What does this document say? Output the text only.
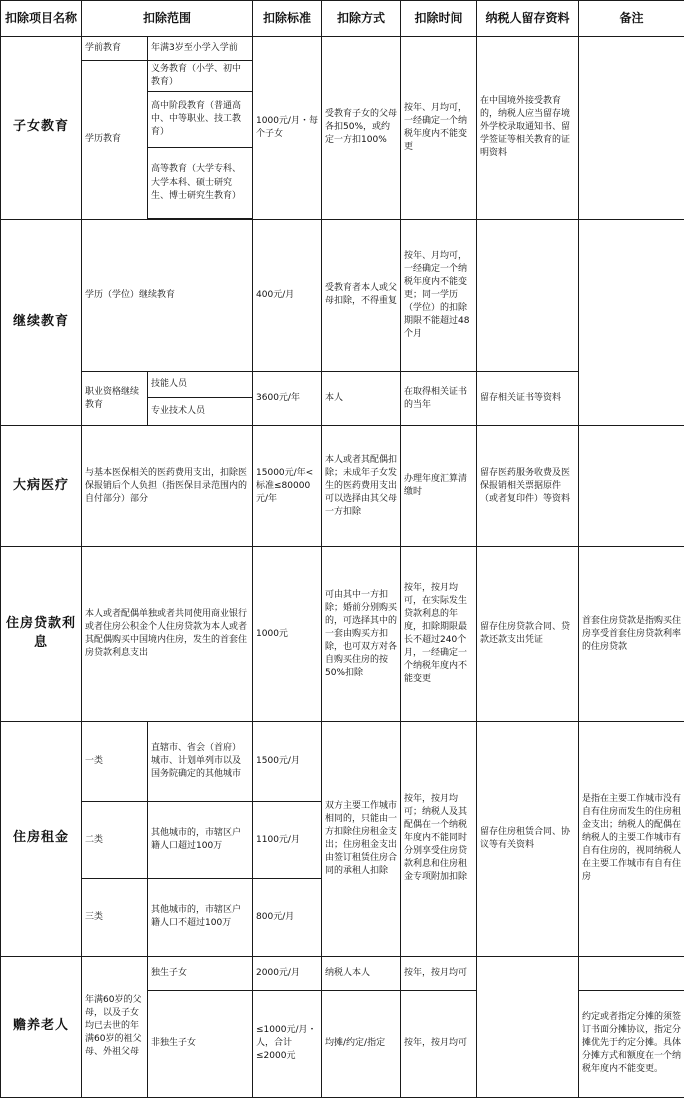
扣除项目名称	扣除范围		扣除标准	扣除方式	扣除时间	纳税人留存资料	备注
子女教育	学前教育	年满3岁至小学入学前	1000元/月・每个子女	受教育子女的父母各扣50%，或约定一方扣100%	按年、月均可，一经确定一个纳税年度内不能变更	在中国境外接受教育的，纳税人应当留存境外学校录取通知书、留学签证等相关教育的证明资料	
	学历教育	义务教育（小学、初中教育）					
		高中阶段教育（普通高中、中等职业、技工教育）					
		高等教育（大学专科、大学本科、硕士研究生、博士研究生教育）					

继续教育	学历（学位）继续教育		400元/月	受教育者本人或父母扣除，不得重复	按年、月均可，一经确定一个纳税年度内不能变更；同一学历（学位）的扣除期限不能超过48个月		
	职业资格继续教育	技能人员	3600元/年	本人	在取得相关证书的当年	留存相关证书等资料	
		专业技术人员					
大病医疗	与基本医保相关的医药费用支出，扣除医保报销后个人负担（指医保目录范围内的自付部分）部分		15000元/年<标准≤80000元/年	本人或者其配偶扣除；未成年子女发生的医药费用支出可以选择由其父母一方扣除	办理年度汇算清缴时	留存医药服务收费及医保报销相关票据原件（或者复印件）等资料	
住房贷款利息	本人或者配偶单独或者共同使用商业银行或者住房公积金个人住房贷款为本人或者其配偶购买中国境内住房，发生的首套住房贷款利息支出		1000元	可由其中一方扣除；婚前分别购买的，可选择其中的一套由购买方扣除，也可双方对各自购买住房的按50%扣除	按年，按月均可，在实际发生贷款利息的年度，扣除期限最长不超过240个月，一经确定一个纳税年度内不能变更	留存住房贷款合同、贷款还款支出凭证	首套住房贷款是指购买住房享受首套住房贷款利率的住房贷款
住房租金	一类	直辖市、省会（首府）城市、计划单列市以及国务院确定的其他城市	1500元/月	双方主要工作城市相同的，只能由一方扣除住房租金支出；住房租金支出由签订租赁住房合同的承租人扣除	按年，按月均可；纳税人及其配偶在一个纳税年度内不能同时分别享受住房贷款利息和住房租金专项附加扣除	留存住房租赁合同、协议等有关资料	是指在主要工作城市没有自有住房而发生的住房租金支出；纳税人的配偶在纳税人的主要工作城市有自有住房的，视同纳税人在主要工作城市有自有住房
	二类	其他城市的，市辖区户籍人口超过100万	1100元/月				
	三类	其他城市的，市辖区户籍人口不超过100万	800元/月				
赡养老人	年满60岁的父母，以及子女均已去世的年满60岁的祖父母、外祖父母	独生子女	2000元/月	纳税人本人	按年，按月均可		
		非独生子女	≤1000元/月・人，合计≤2000元	均摊/约定/指定	按年，按月均可		约定或者指定分摊的须签订书面分摊协议，指定分摊优先于约定分摊。具体分摊方式和额度在一个纳税年度内不能变更。
